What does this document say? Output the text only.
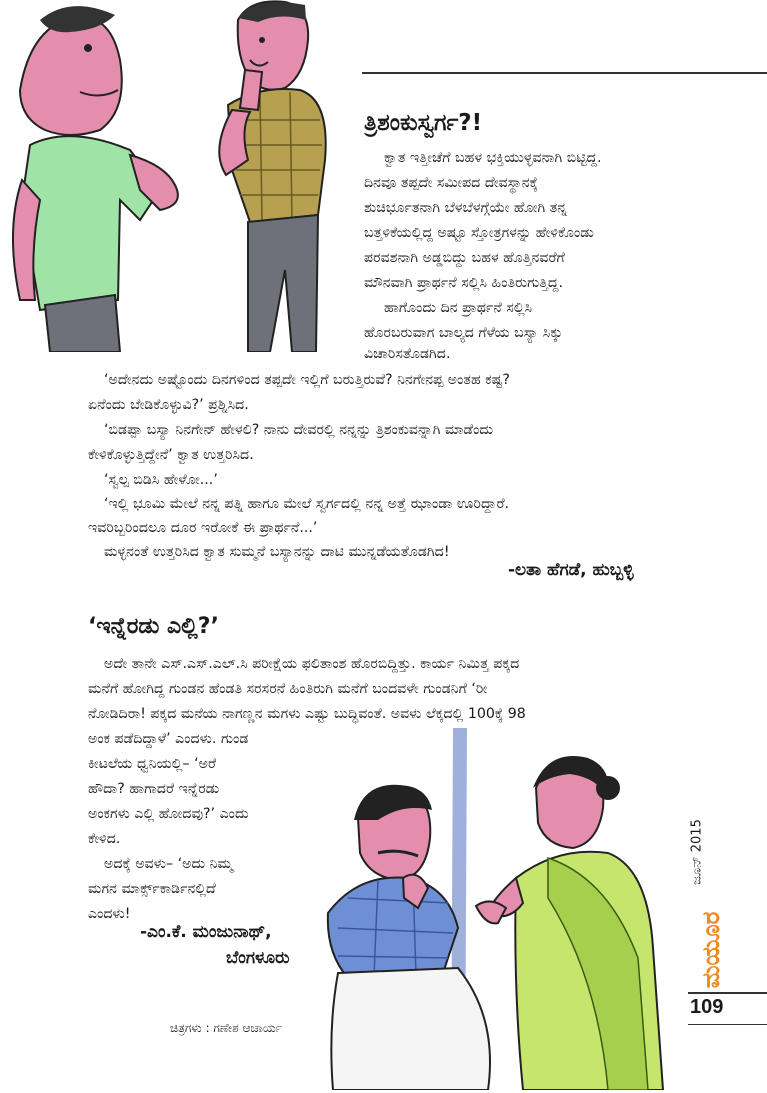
ತ್ರಿಶಂಕುಸ್ವರ್ಗ?!

ಕ್ವಾತ ಇತ್ತೀಚೆಗೆ ಬಹಳ ಭಕ್ತಿಯುಳ್ಳವನಾಗಿ ಬಿಟ್ಟಿದ್ದ.

ದಿನವೂ ತಪ್ಪದೇ ಸಮೀಪದ ದೇವಸ್ಥಾನಕ್ಕೆ

ಶುಚಿರ್ಭೂತನಾಗಿ ಬೆಳಬೆಳಗ್ಗೆಯೇ ಹೋಗಿ ತನ್ನ

ಬತ್ತಳಿಕೆಯಲ್ಲಿದ್ದ ಅಷ್ಟೂ ಸ್ತೋತ್ರಗಳನ್ನು ಹೇಳಿಕೊಂಡು

ಪರವಶನಾಗಿ ಅಡ್ಡಬಿದ್ದು ಬಹಳ ಹೊತ್ತಿನವರೆಗೆ

ಮೌನವಾಗಿ ಪ್ರಾರ್ಥನೆ ಸಲ್ಲಿಸಿ ಹಿಂತಿರುಗುತ್ತಿದ್ದ.

ಹಾಗೊಂದು ದಿನ ಪ್ರಾರ್ಥನೆ ಸಲ್ಲಿಸಿ

ಹೊರಬರುವಾಗ ಬಾಲ್ಯದ ಗೆಳೆಯ ಬಸ್ಯಾ ಸಿಕ್ಕು

ವಿಚಾರಿಸತೊಡಗಿದ.

‘ಅದೇನದು ಅಷ್ಟೊಂದು ದಿನಗಳಿಂದ ತಪ್ಪದೇ ಇಲ್ಲಿಗೆ ಬರುತ್ತಿರುವೆ? ನಿನಗೇನಪ್ಪ ಅಂತಹ ಕಷ್ಟ?

ಏನೆಂದು ಬೇಡಿಕೊಳ್ಳುವಿ?’ ಪ್ರಶ್ನಿಸಿದ.

‘ಬಿಡಪ್ಪಾ ಬಸ್ಯಾ ನಿನಗೇನ್ ಹೇಳಲಿ? ನಾನು ದೇವರಲ್ಲಿ ನನ್ನನ್ನು ತ್ರಿಶಂಕುವನ್ನಾಗಿ ಮಾಡೆಂದು

ಕೇಳಿಕೊಳ್ಳುತ್ತಿದ್ದೇನೆ’ ಕ್ವಾತ ಉತ್ತರಿಸಿದ.

‘ಸ್ವಲ್ಪ ಬಿಡಿಸಿ ಹೇಳೋ...’

‘ಇಲ್ಲಿ ಭೂಮಿ ಮೇಲೆ ನನ್ನ ಪತ್ನಿ ಹಾಗೂ ಮೇಲೆ ಸ್ವರ್ಗದಲ್ಲಿ ನನ್ನ ಅತ್ತೆ ಝಾಂಡಾ ಊರಿದ್ದಾರೆ.

ಇವರಿಬ್ಬರಿಂದಲೂ ದೂರ ಇರೋಕೆ ಈ ಪ್ರಾರ್ಥನೆ...’

ಮಳ್ಳನಂತೆ ಉತ್ತರಿಸಿದ ಕ್ವಾತ ಸುಮ್ಮನೆ ಬಸ್ಯಾನನ್ನು ದಾಟಿ ಮುನ್ನಡೆಯತೊಡಗಿದ!

-ಲತಾ ಹೆಗಡೆ, ಹುಬ್ಬಳ್ಳಿ

‘ಇನ್ನೆರಡು ಎಲ್ಲಿ?’

ಅದೇ ತಾನೇ ಎಸ್.ಎಸ್.ಎಲ್.ಸಿ ಪರೀಕ್ಷೆಯ ಫಲಿತಾಂಶ ಹೊರಬಿದ್ದಿತ್ತು. ಕಾರ್ಯ ನಿಮಿತ್ತ ಪಕ್ಕದ

ಮನೆಗೆ ಹೋಗಿದ್ದ ಗುಂಡನ ಹೆಂಡತಿ ಸರಸರನೆ ಹಿಂತಿರುಗಿ ಮನೆಗೆ ಬಂದವಳೇ ಗುಂಡನಿಗೆ ‘ರೀ

ನೋಡಿದಿರಾ! ಪಕ್ಕದ ಮನೆಯ ನಾಗಣ್ಣನ ಮಗಳು ಎಷ್ಟು ಬುದ್ಧಿವಂತೆ. ಅವಳು ಲೆಕ್ಕದಲ್ಲಿ 100ಕ್ಕೆ 98

ಅಂಕ ಪಡೆದಿದ್ದಾಳೆ’ ಎಂದಳು. ಗುಂಡ

ಕೀಟಲೆಯ ಧ್ವನಿಯಲ್ಲಿ– ‘ಅರೆ

ಹೌದಾ? ಹಾಗಾದರೆ ಇನ್ನೆರಡು

ಅಂಕಗಳು ಎಲ್ಲಿ ಹೋದವು?’ ಎಂದು

ಕೇಳಿದ.

ಅದಕ್ಕೆ ಅವಳು– ‘ಅದು ನಿಮ್ಮ

ಮಗನ ಮಾರ್ಕ್ಸ್‌ಕಾರ್ಡಿನಲ್ಲಿದೆ

ಎಂದಳು!

-ಎಂ.ಕೆ. ಮಂಜುನಾಥ್,

ಬೆಂಗಳೂರು

ಚಿತ್ರಗಳು : ಗಣೇಶ ಆಚಾರ್ಯ

ಜೂನ್ 2015
ಮಯೂರ
109
